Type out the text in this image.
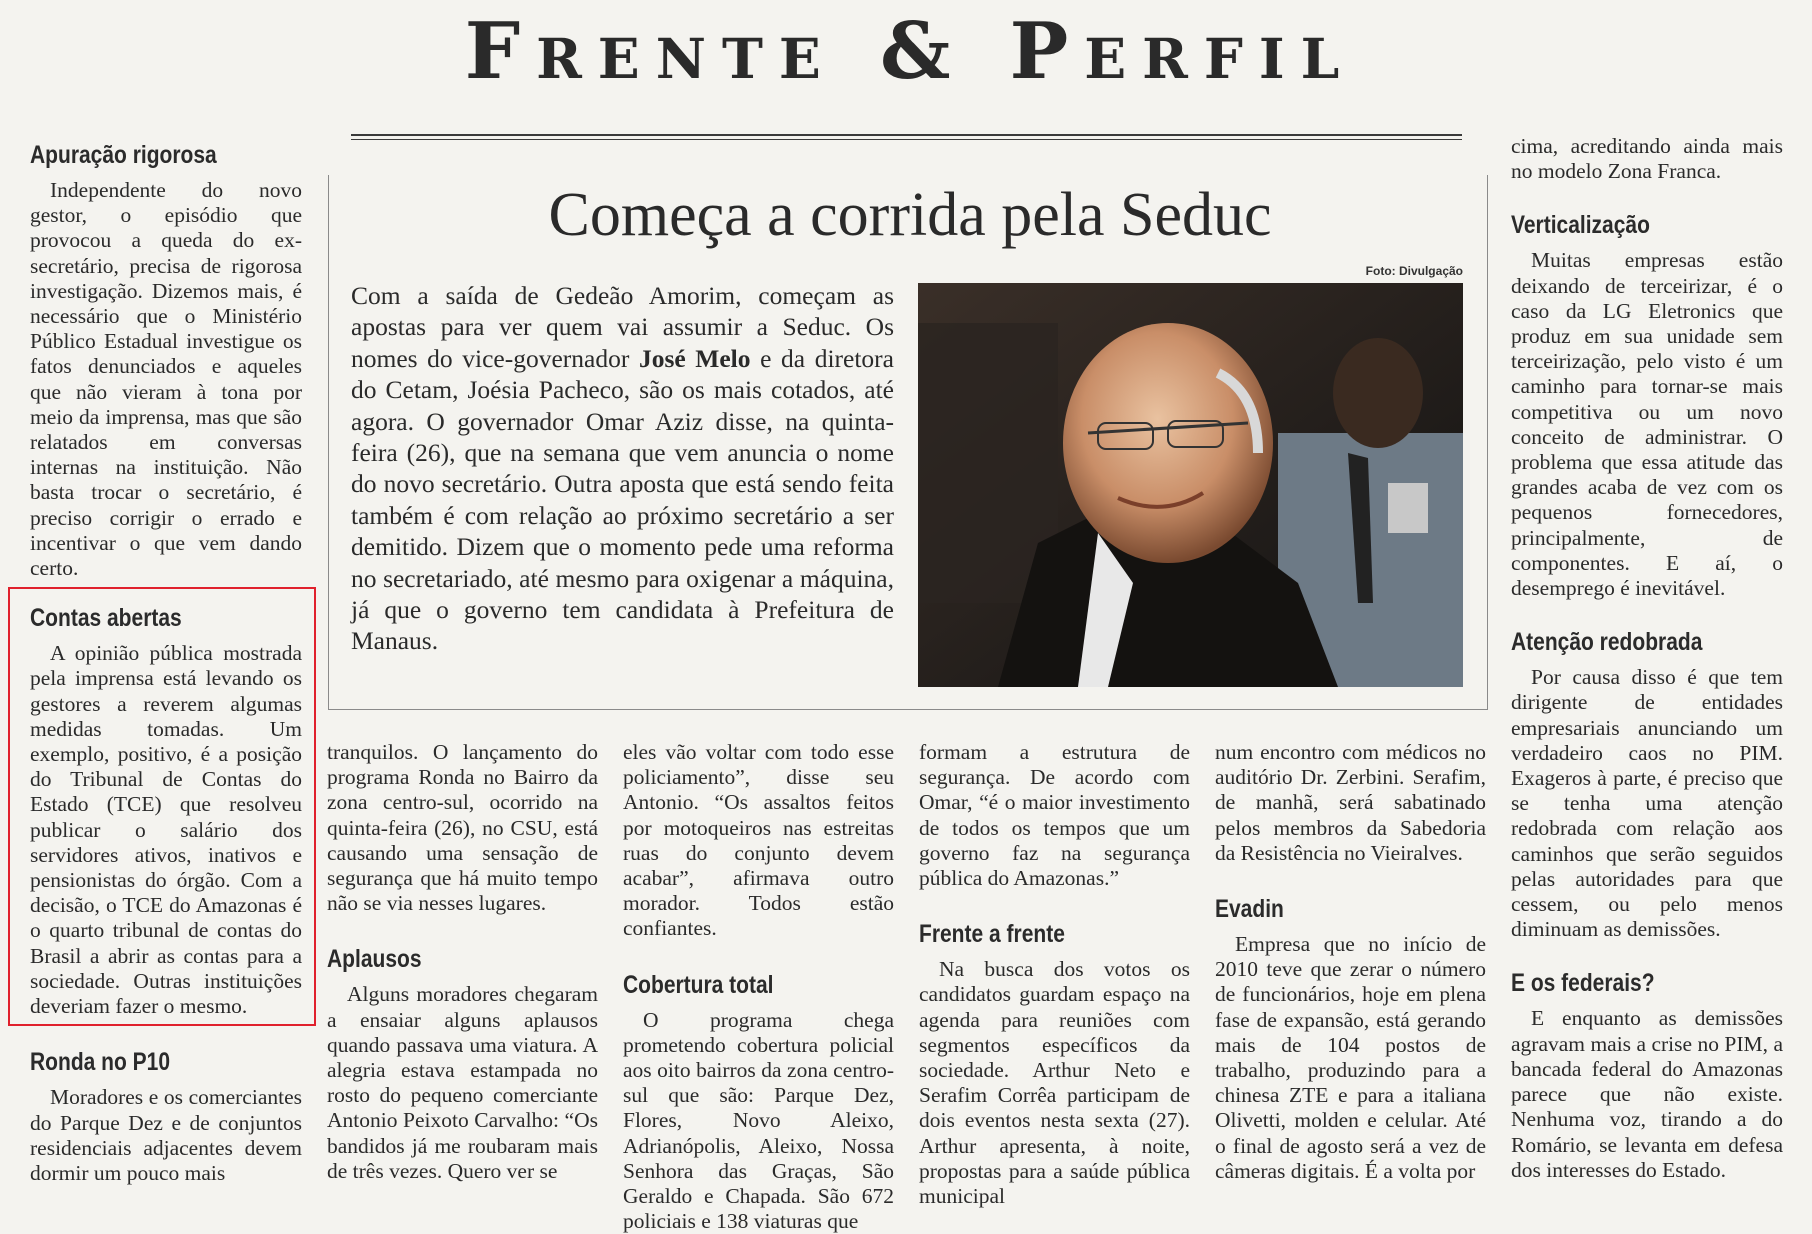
Frente & Perfil
Começa a corrida pela Seduc
Com a saída de Gedeão Amorim, começam as apostas para ver quem vai assumir a Seduc. Os nomes do vice-governador José Melo e da diretora do Cetam, Joésia Pacheco, são os mais cotados, até agora. O governador Omar Aziz disse, na quinta-feira (26), que na semana que vem anuncia o nome do novo secretário. Outra aposta que está sendo feita também é com relação ao próximo secretário a ser demitido. Dizem que o momento pede uma reforma no secretariado, até mesmo para oxigenar a máquina, já que o governo tem candidata à Prefeitura de Manaus.
Foto: Divulgação
Apuração rigorosa

Independente do novo gestor, o episódio que provocou a queda do ex-secretário, precisa de rigorosa investigação. Dizemos mais, é necessário que o Ministério Público Estadual investigue os fatos denunciados e aqueles que não vieram à tona por meio da imprensa, mas que são relatados em conversas internas na instituição. Não basta trocar o secretário, é preciso corrigir o errado e incentivar o que vem dando certo.

Contas abertas

A opinião pública mostrada pela imprensa está levando os gestores a reverem algumas medidas tomadas. Um exemplo, positivo, é a posição do Tribunal de Contas do Estado (TCE) que resolveu publicar o salário dos servidores ativos, inativos e pensionistas do órgão. Com a decisão, o TCE do Amazonas é o quarto tribunal de contas do Brasil a abrir as contas para a sociedade. Outras instituições deveriam fazer o mesmo.

Ronda no P10

Moradores e os comerciantes do Parque Dez e de conjuntos residenciais adjacentes devem dormir um pouco mais

tranquilos. O lançamento do programa Ronda no Bairro da zona centro-sul, ocorrido na quinta-feira (26), no CSU, está causando uma sensação de segurança que há muito tempo não se via nesses lugares.

Aplausos

Alguns moradores chegaram a ensaiar alguns aplausos quando passava uma viatura. A alegria estava estampada no rosto do pequeno comerciante Antonio Peixoto Carvalho: “Os bandidos já me roubaram mais de três vezes. Quero ver se

eles vão voltar com todo esse policiamento”, disse seu Antonio. “Os assaltos feitos por motoqueiros nas estreitas ruas do conjunto devem acabar”, afirmava outro morador. Todos estão confiantes.

Cobertura total

O programa chega prometendo cobertura policial aos oito bairros da zona centro-sul que são: Parque Dez, Flores, Novo Aleixo, Adrianópolis, Aleixo, Nossa Senhora das Graças, São Geraldo e Chapada. São 672 policiais e 138 viaturas que

formam a estrutura de segurança. De acordo com Omar, “é o maior investimento de todos os tempos que um governo faz na segurança pública do Amazonas.”

Frente a frente

Na busca dos votos os candidatos guardam espaço na agenda para reuniões com segmentos específicos da sociedade. Arthur Neto e Serafim Corrêa participam de dois eventos nesta sexta (27). Arthur apresenta, à noite, propostas para a saúde pública municipal

num encontro com médicos no auditório Dr. Zerbini. Serafim, de manhã, será sabatinado pelos membros da Sabedoria da Resistência no Vieiralves.

Evadin

Empresa que no início de 2010 teve que zerar o número de funcionários, hoje em plena fase de expansão, está gerando mais de 104 postos de trabalho, produzindo para a chinesa ZTE e para a italiana Olivetti, molden e celular. Até o final de agosto será a vez de câmeras digitais. É a volta por

cima, acreditando ainda mais no modelo Zona Franca.

Verticalização

Muitas empresas estão deixando de terceirizar, é o caso da LG Eletronics que produz em sua unidade sem terceirização, pelo visto é um caminho para tornar-se mais competitiva ou um novo conceito de administrar. O problema que essa atitude das grandes acaba de vez com os pequenos fornecedores, principalmente, de componentes. E aí, o desemprego é inevitável.

Atenção redobrada

Por causa disso é que tem dirigente de entidades empresariais anunciando um verdadeiro caos no PIM. Exageros à parte, é preciso que se tenha uma atenção redobrada com relação aos caminhos que serão seguidos pelas autoridades para que cessem, ou pelo menos diminuam as demissões.

E os federais?

E enquanto as demissões agravam mais a crise no PIM, a bancada federal do Amazonas parece que não existe. Nenhuma voz, tirando a do Romário, se levanta em defesa dos interesses do Estado.
